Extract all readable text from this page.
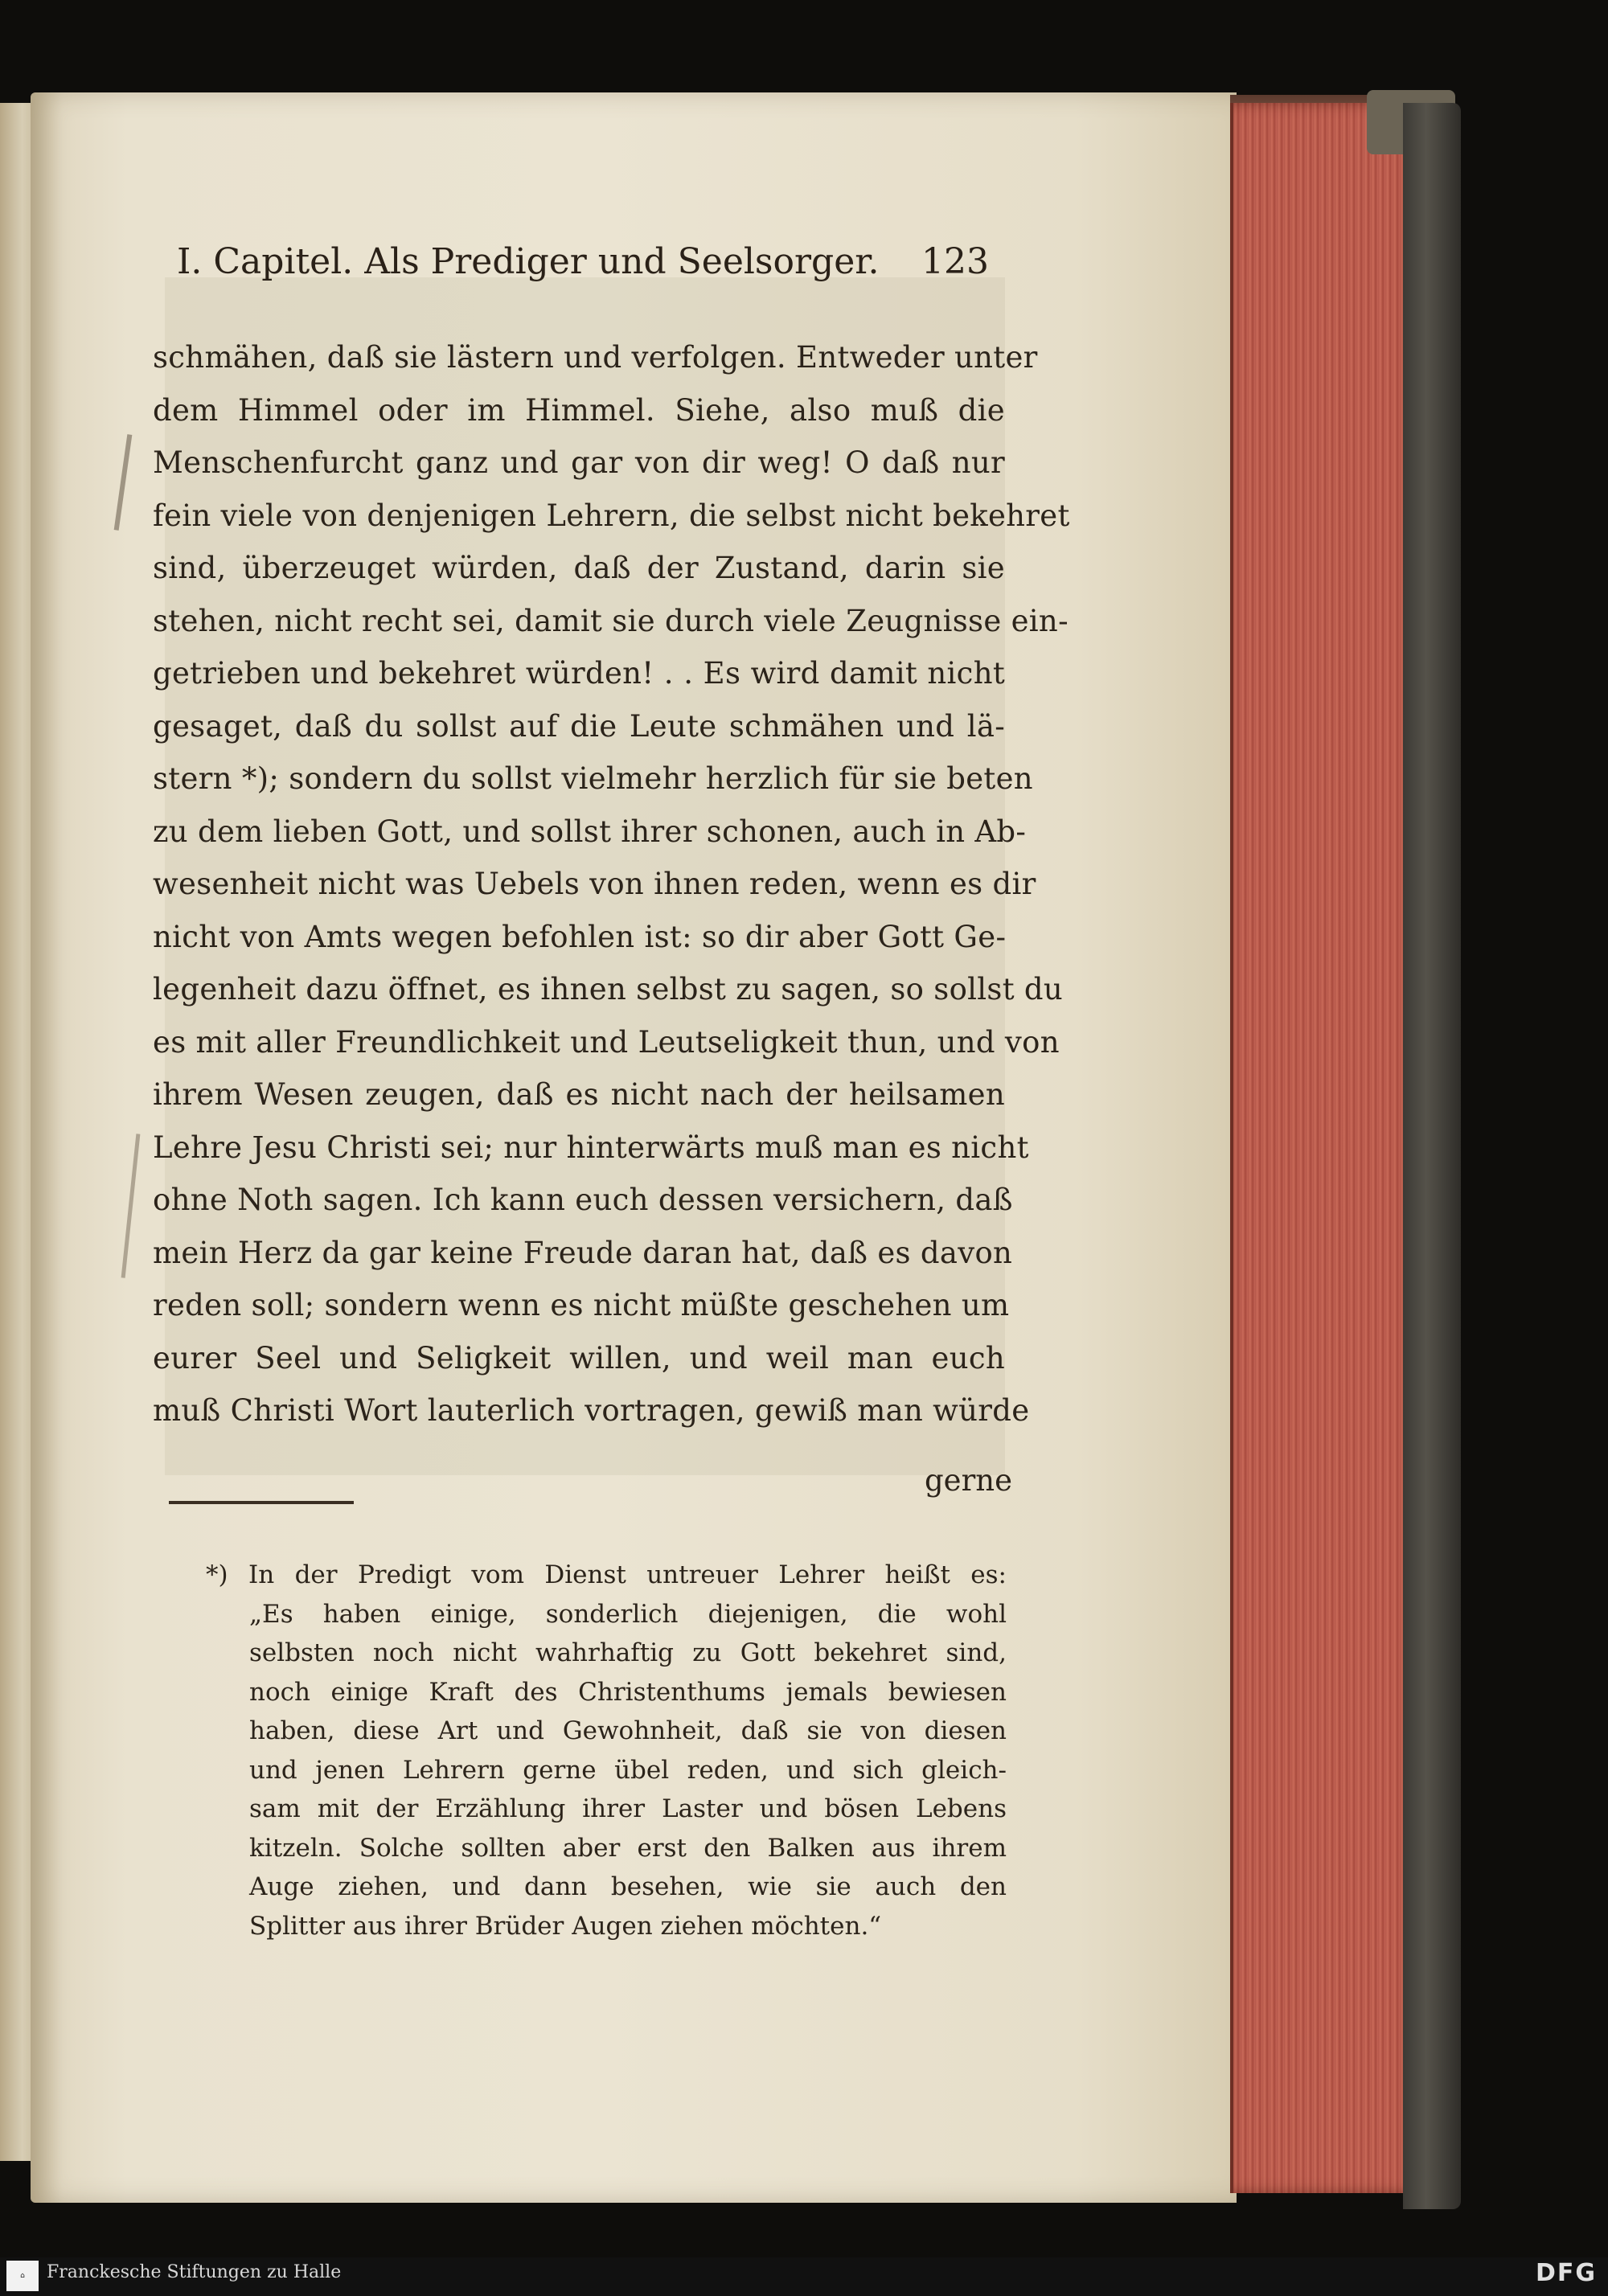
I. Capitel. Als Prediger und Seelsorger. 123
schmähen, daß sie lästern und verfolgen. Entweder unter
dem Himmel oder im Himmel. Siehe, also muß die
Menschenfurcht ganz und gar von dir weg! O daß nur
fein viele von denjenigen Lehrern, die selbst nicht bekehret
sind, überzeuget würden, daß der Zustand, darin sie
stehen, nicht recht sei, damit sie durch viele Zeugnisse ein-
getrieben und bekehret würden! . . Es wird damit nicht
gesaget, daß du sollst auf die Leute schmähen und lä-
stern *); sondern du sollst vielmehr herzlich für sie beten
zu dem lieben Gott, und sollst ihrer schonen, auch in Ab-
wesenheit nicht was Uebels von ihnen reden, wenn es dir
nicht von Amts wegen befohlen ist: so dir aber Gott Ge-
legenheit dazu öffnet, es ihnen selbst zu sagen, so sollst du
es mit aller Freundlichkeit und Leutseligkeit thun, und von
ihrem Wesen zeugen, daß es nicht nach der heilsamen
Lehre Jesu Christi sei; nur hinterwärts muß man es nicht
ohne Noth sagen. Ich kann euch dessen versichern, daß
mein Herz da gar keine Freude daran hat, daß es davon
reden soll; sondern wenn es nicht müßte geschehen um
eurer Seel und Seligkeit willen, und weil man euch
muß Christi Wort lauterlich vortragen, gewiß man würde
gerne
*) In der Predigt vom Dienst untreuer Lehrer heißt es:
„Es haben einige, sonderlich diejenigen, die wohl
selbsten noch nicht wahrhaftig zu Gott bekehret sind,
noch einige Kraft des Christenthums jemals bewiesen
haben, diese Art und Gewohnheit, daß sie von diesen
und jenen Lehrern gerne übel reden, und sich gleich-
sam mit der Erzählung ihrer Laster und bösen Lebens
kitzeln. Solche sollten aber erst den Balken aus ihrem
Auge ziehen, und dann besehen, wie sie auch den
Splitter aus ihrer Brüder Augen ziehen möchten.“
⌂	Franckesche Stiftungen zu Halle	DFG
